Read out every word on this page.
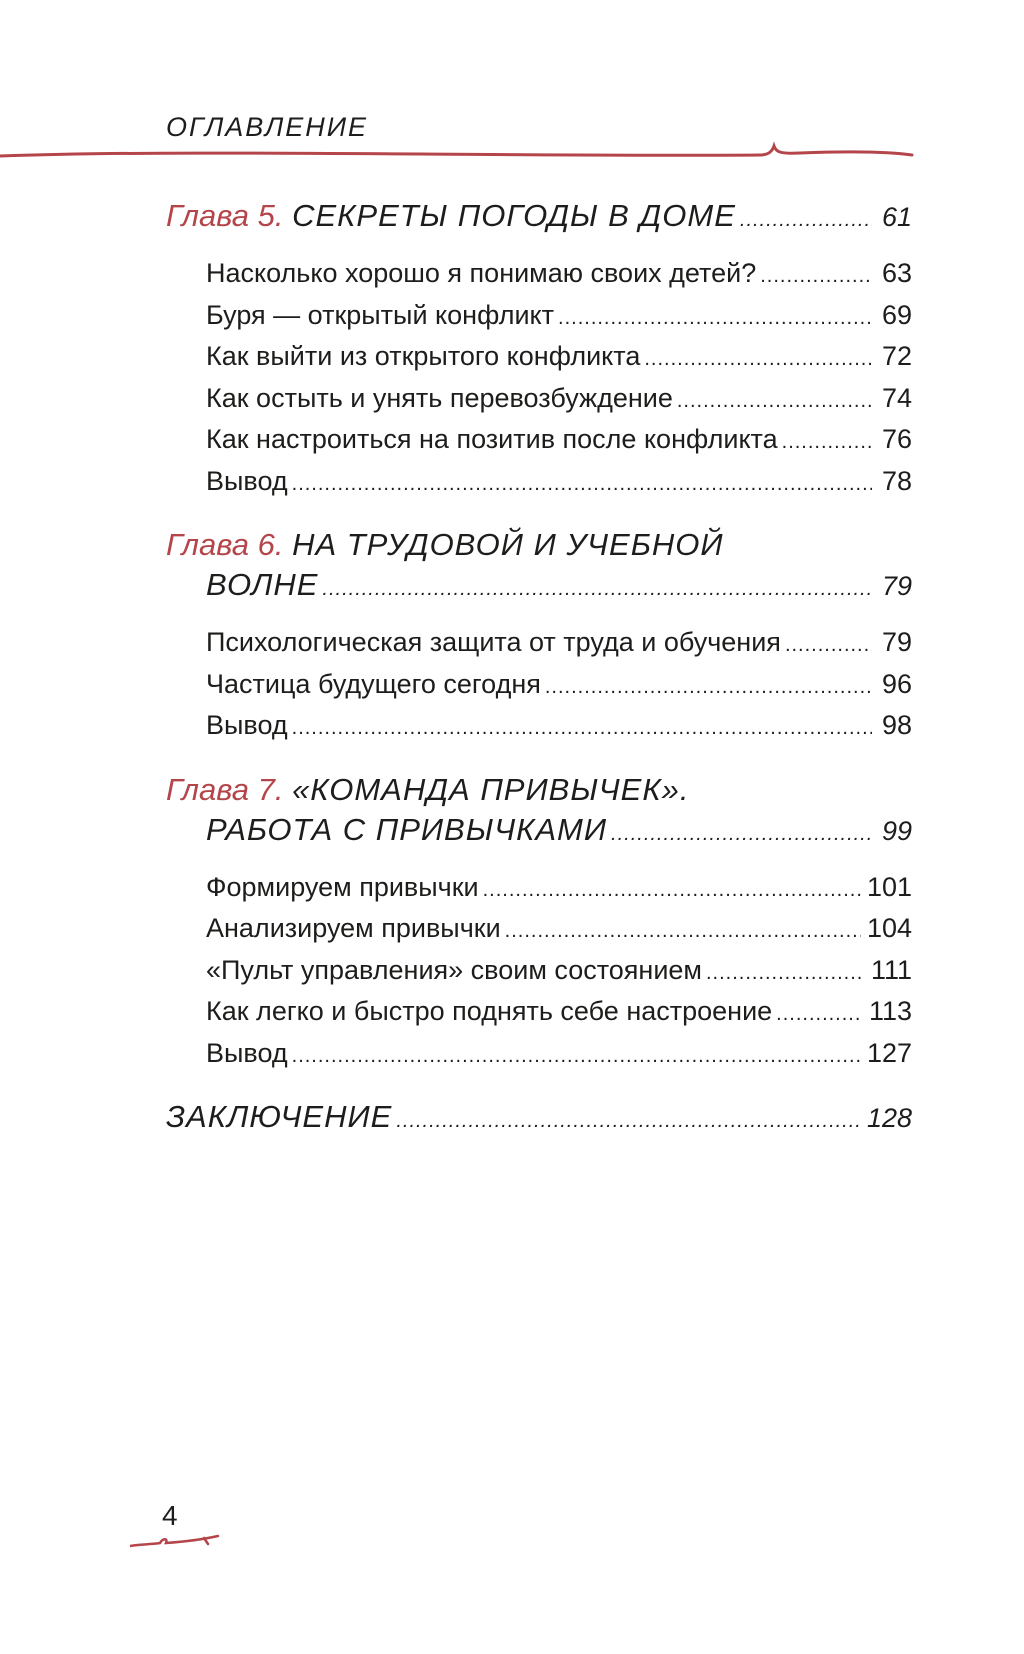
ОГЛАВЛЕНИЕ
Глава 5. СЕКРЕТЫ ПОГОДЫ В ДОМЕ .....	61
Насколько хорошо я понимаю своих детей? .....	63
Буря — открытый конфликт .....	69
Как выйти из открытого конфликта .....	72
Как остыть и унять перевозбуждение .....	74
Как настроиться на позитив после конфликта .....	76
Вывод .....	78
Глава 6. НА ТРУДОВОЙ И УЧЕБНОЙ
ВОЛНЕ .....	79
Психологическая защита от труда и обучения .....	79
Частица будущего сегодня .....	96
Вывод .....	98
Глава 7. «КОМАНДА ПРИВЫЧЕК».
РАБОТА С ПРИВЫЧКАМИ .....	99
Формируем привычки .....	101
Анализируем привычки .....	104
«Пульт управления» своим состоянием .....	111
Как легко и быстро поднять себе настроение .....	113
Вывод .....	127
ЗАКЛЮЧЕНИЕ .....	128
4
